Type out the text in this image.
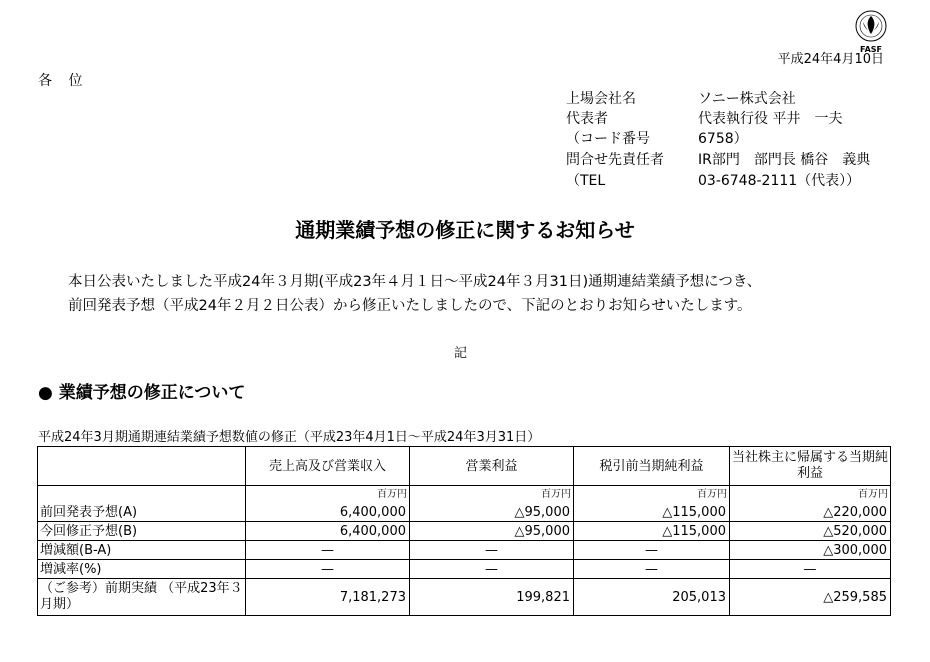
FASF
平成24年4月10日
各 位
上場会社名	ソニー株式会社
代表者	代表執行役 平井　一夫
（コード番号	6758）
問合せ先責任者 IR部門　部門長 橋谷　義典
（TEL	03-6748-2111（代表））
通期業績予想の修正に関するお知らせ
本日公表いたしました平成24年３月期(平成23年４月１日～平成24年３月31日)通期連結業績予想につき、
前回発表予想（平成24年２月２日公表）から修正いたしましたので、下記のとおりお知らせいたします。
記
● 業績予想の修正について
平成24年3月期通期連結業績予想数値の修正（平成23年4月1日～平成24年3月31日）
	売上高及び営業収入	営業利益	税引前当期純利益	当社株主に帰属する当期純利益
	百万円	百万円	百万円	百万円
前回発表予想(A)	6,400,000	△95,000	△115,000	△220,000
今回修正予想(B)	6,400,000	△95,000	△115,000	△520,000
増減額(B-A)	—	—	—	△300,000
増減率(%)	—	—	—	—
（ご参考）前期実績 （平成23年３月期）	7,181,273	199,821	205,013	△259,585
